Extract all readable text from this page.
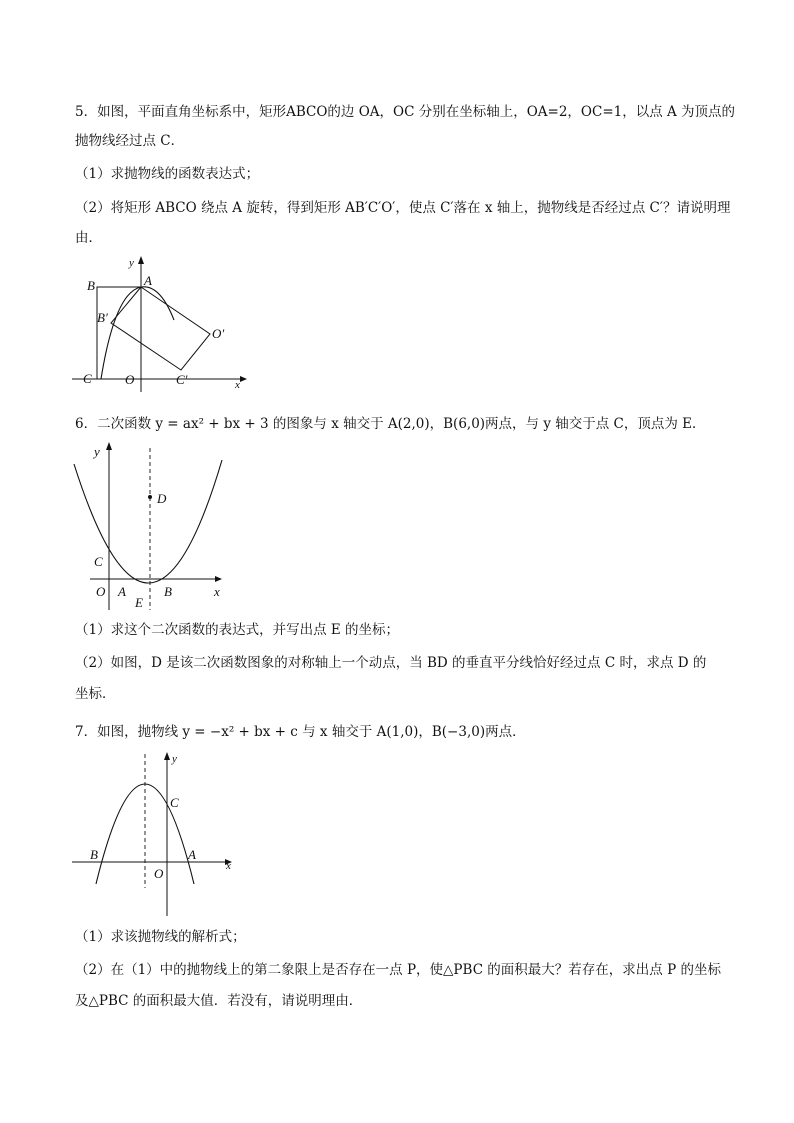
5．如图，平面直角坐标系中，矩形ABCO的边 OA，OC 分别在坐标轴上，OA=2，OC=1，以点 A 为顶点的
抛物线经过点 C．
（1）求抛物线的函数表达式；
（2）将矩形 ABCO 绕点 A 旋转，得到矩形 AB′C′O′，使点 C′落在 x 轴上，抛物线是否经过点 C′？请说明理
由．
B
y
A
B′
O′
C	O	C′	x
6．二次函数 y = ax² + bx + 3 的图象与 x 轴交于 A(2,0)，B(6,0)两点，与 y 轴交于点 C，顶点为 E．
y
D
C
O A	B
E
x
（1）求这个二次函数的表达式，并写出点 E 的坐标；
（2）如图，D 是该二次函数图象的对称轴上一个动点，当 BD 的垂直平分线恰好经过点 C 时，求点 D 的
坐标．
7．如图，抛物线 y = −x² + bx + c 与 x 轴交于 A(1,0)，B(−3,0)两点．
y
C
B	A
x
O
（1）求该抛物线的解析式；
（2）在（1）中的抛物线上的第二象限上是否存在一点 P，使△PBC 的面积最大？若存在，求出点 P 的坐标
及△PBC 的面积最大值．若没有，请说明理由．
